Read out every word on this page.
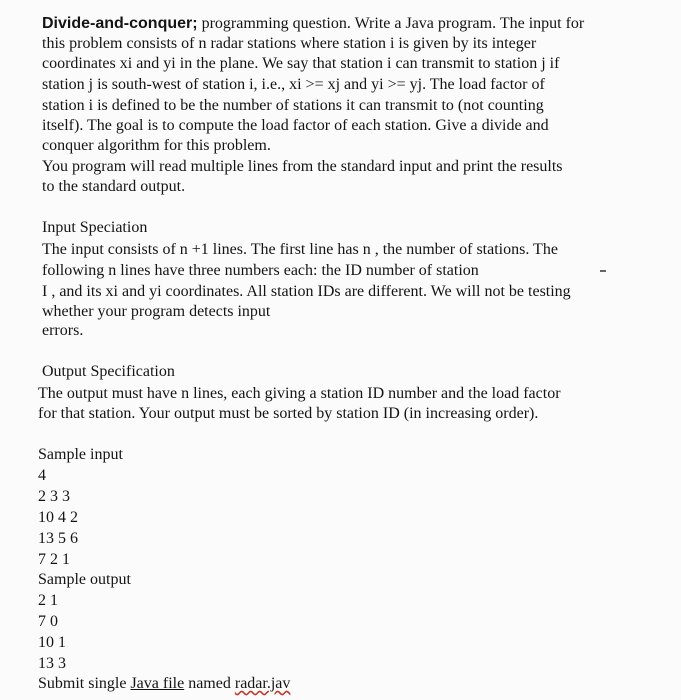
Divide-and-conquer; programming question. Write a Java program. The input for

this problem consists of n radar stations where station i is given by its integer

coordinates xi and yi in the plane. We say that station i can transmit to station j if

station j is south-west of station i, i.e., xi >= xj and yi >= yj. The load factor of

station i is defined to be the number of stations it can transmit to (not counting

itself). The goal is to compute the load factor of each station. Give a divide and

conquer algorithm for this problem.

You program will read multiple lines from the standard input and print the results

to the standard output.

Input Speciation

The input consists of n +1 lines. The first line has n , the number of stations. The

following n lines have three numbers each: the ID number of station

I , and its xi and yi coordinates. All station IDs are different. We will not be testing

whether your program detects input

errors.

Output Specification

The output must have n lines, each giving a station ID number and the load factor

for that station. Your output must be sorted by station ID (in increasing order).

Sample input

4

2 3 3

10 4 2

13 5 6

7 2 1

Sample output

2 1

7 0

10 1

13 3

Submit single Java file named radar.jav
